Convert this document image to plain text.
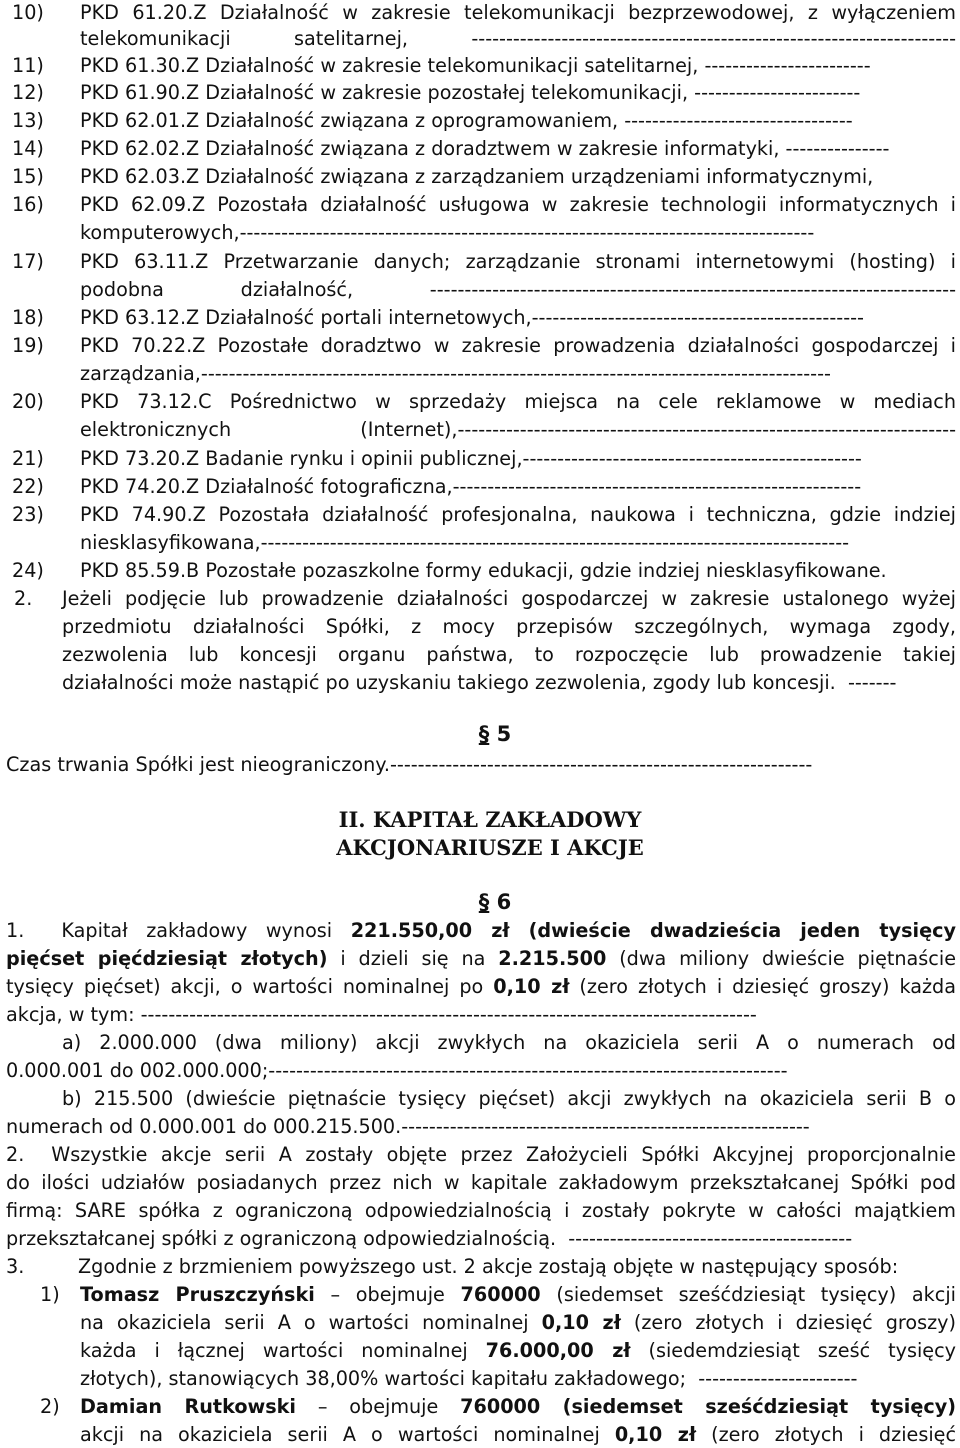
10) PKD 61.20.Z Działalność w zakresie telekomunikacji bezprzewodowej, z wyłączeniem
telekomunikacji satelitarnej, ----------------------------------------------------------------------
11) PKD 61.30.Z Działalność w zakresie telekomunikacji satelitarnej, ------------------------
12) PKD 61.90.Z Działalność w zakresie pozostałej telekomunikacji, ------------------------
13) PKD 62.01.Z Działalność związana z oprogramowaniem, ---------------------------------
14) PKD 62.02.Z Działalność związana z doradztwem w zakresie informatyki, ---------------
15) PKD 62.03.Z Działalność związana z zarządzaniem urządzeniami informatycznymi,
16) PKD 62.09.Z Pozostała działalność usługowa w zakresie technologii informatycznych i
komputerowych,-----------------------------------------------------------------------------------
17) PKD 63.11.Z Przetwarzanie danych; zarządzanie stronami internetowymi (hosting) i
podobna działalność, ----------------------------------------------------------------------------
18) PKD 63.12.Z Działalność portali internetowych,------------------------------------------------
19) PKD 70.22.Z Pozostałe doradztwo w zakresie prowadzenia działalności gospodarczej i
zarządzania,-------------------------------------------------------------------------------------------
20) PKD 73.12.C Pośrednictwo w sprzedaży miejsca na cele reklamowe w mediach
elektronicznych (Internet),------------------------------------------------------------------------
21) PKD 73.20.Z Badanie rynku i opinii publicznej,-------------------------------------------------
22) PKD 74.20.Z Działalność fotograficzna,-----------------------------------------------------------
23) PKD 74.90.Z Pozostała działalność profesjonalna, naukowa i techniczna, gdzie indziej
niesklasyfikowana,-------------------------------------------------------------------------------------
24) PKD 85.59.B Pozostałe pozaszkolne formy edukacji, gdzie indziej niesklasyfikowane.
2. Jeżeli podjęcie lub prowadzenie działalności gospodarczej w zakresie ustalonego wyżej
przedmiotu działalności Spółki, z mocy przepisów szczególnych, wymaga zgody,
zezwolenia lub koncesji organu państwa, to rozpoczęcie lub prowadzenie takiej
działalności może nastąpić po uzyskaniu takiego zezwolenia, zgody lub koncesji.  -------
§ 5
Czas trwania Spółki jest nieograniczony.-------------------------------------------------------------
II. KAPITAŁ ZAKŁADOWY
AKCJONARIUSZE I AKCJE
§ 6
1.  Kapitał zakładowy wynosi 221.550,00 zł (dwieście dwadzieścia jeden tysięcy
pięćset pięćdziesiąt złotych) i dzieli się na 2.215.500 (dwa miliony dwieście piętnaście
tysięcy pięćset) akcji, o wartości nominalnej po 0,10 zł (zero złotych i dziesięć groszy) każda
akcja, w tym: -----------------------------------------------------------------------------------------
a) 2.000.000 (dwa miliony) akcji zwykłych na okaziciela serii A o numerach od
0.000.001 do 002.000.000;---------------------------------------------------------------------------
b) 215.500 (dwieście piętnaście tysięcy pięćset) akcji zwykłych na okaziciela serii B o
numerach od 0.000.001 do 000.215.500.-----------------------------------------------------------
2.  Wszystkie akcje serii A zostały objęte przez Założycieli Spółki Akcyjnej proporcjonalnie
do ilości udziałów posiadanych przez nich w kapitale zakładowym przekształcanej Spółki pod
firmą: SARE spółka z ograniczoną odpowiedzialnością i zostały pokryte w całości majątkiem
przekształcanej spółki z ograniczoną odpowiedzialnością.  -----------------------------------------
3.	Zgodnie z brzmieniem powyższego ust. 2 akcje zostają objęte w następujący sposób:
1) Tomasz Pruszczyński – obejmuje 760000 (siedemset sześćdziesiąt tysięcy) akcji
na okaziciela serii A o wartości nominalnej 0,10 zł (zero złotych i dziesięć groszy)
każda i łącznej wartości nominalnej 76.000,00 zł (siedemdziesiąt sześć tysięcy
złotych), stanowiących 38,00% wartości kapitału zakładowego;  -----------------------
2) Damian Rutkowski – obejmuje 760000 (siedemset sześćdziesiąt tysięcy)
akcji na okaziciela serii A o wartości nominalnej 0,10 zł (zero złotych i dziesięć
